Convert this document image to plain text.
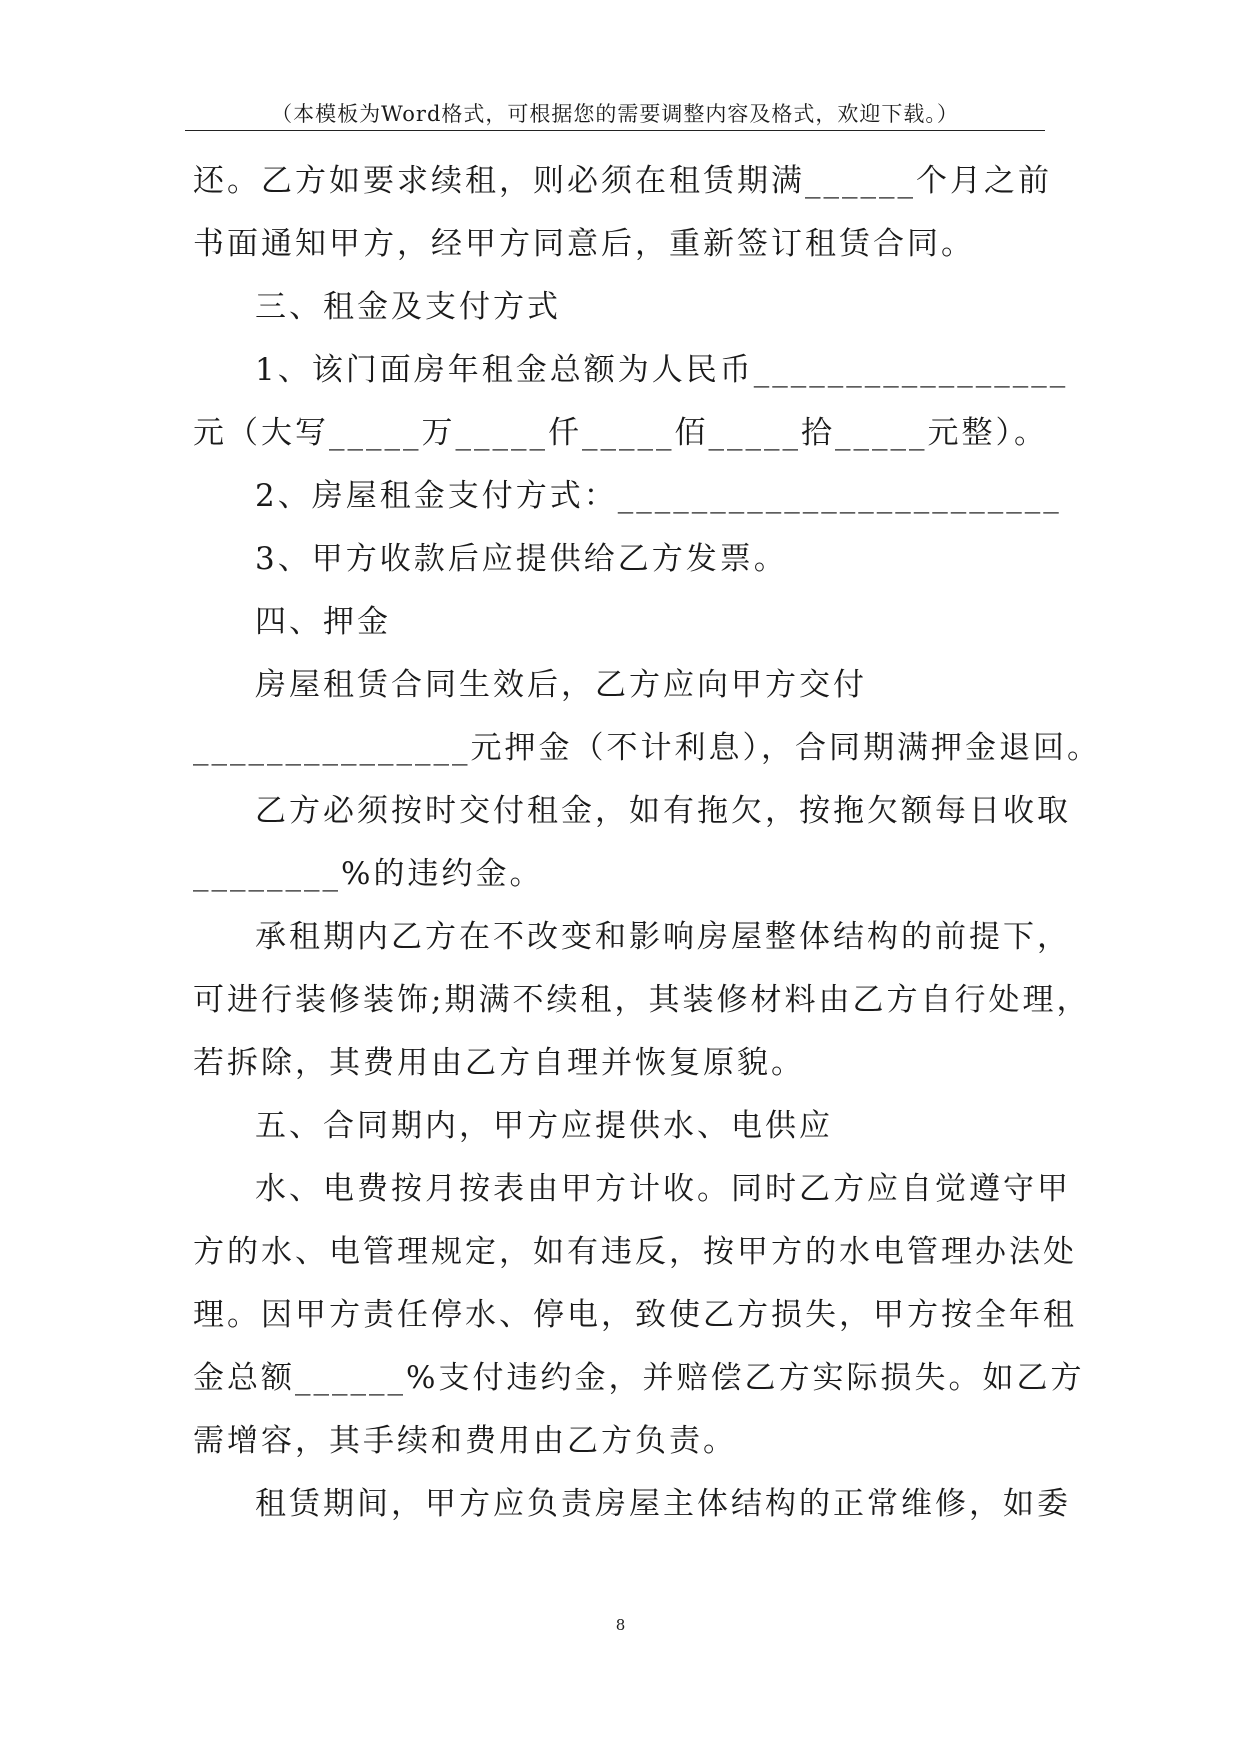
（本模板为Word格式，可根据您的需要调整内容及格式，欢迎下载。）
还。乙方如要求续租，则必须在租赁期满______个月之前
书面通知甲方，经甲方同意后，重新签订租赁合同。
三、租金及支付方式
1、该门面房年租金总额为人民币_________________
元（大写_____万_____仟_____佰_____拾_____元整）。
2、房屋租金支付方式：________________________
3、甲方收款后应提供给乙方发票。
四、押金
房屋租赁合同生效后，乙方应向甲方交付
_______________元押金（不计利息），合同期满押金退回。
乙方必须按时交付租金，如有拖欠，按拖欠额每日收取
________%的违约金。
承租期内乙方在不改变和影响房屋整体结构的前提下，
可进行装修装饰;期满不续租，其装修材料由乙方自行处理，
若拆除，其费用由乙方自理并恢复原貌。
五、合同期内，甲方应提供水、电供应
水、电费按月按表由甲方计收。同时乙方应自觉遵守甲
方的水、电管理规定，如有违反，按甲方的水电管理办法处
理。因甲方责任停水、停电，致使乙方损失，甲方按全年租
金总额______%支付违约金，并赔偿乙方实际损失。如乙方
需增容，其手续和费用由乙方负责。
租赁期间，甲方应负责房屋主体结构的正常维修，如委
8
